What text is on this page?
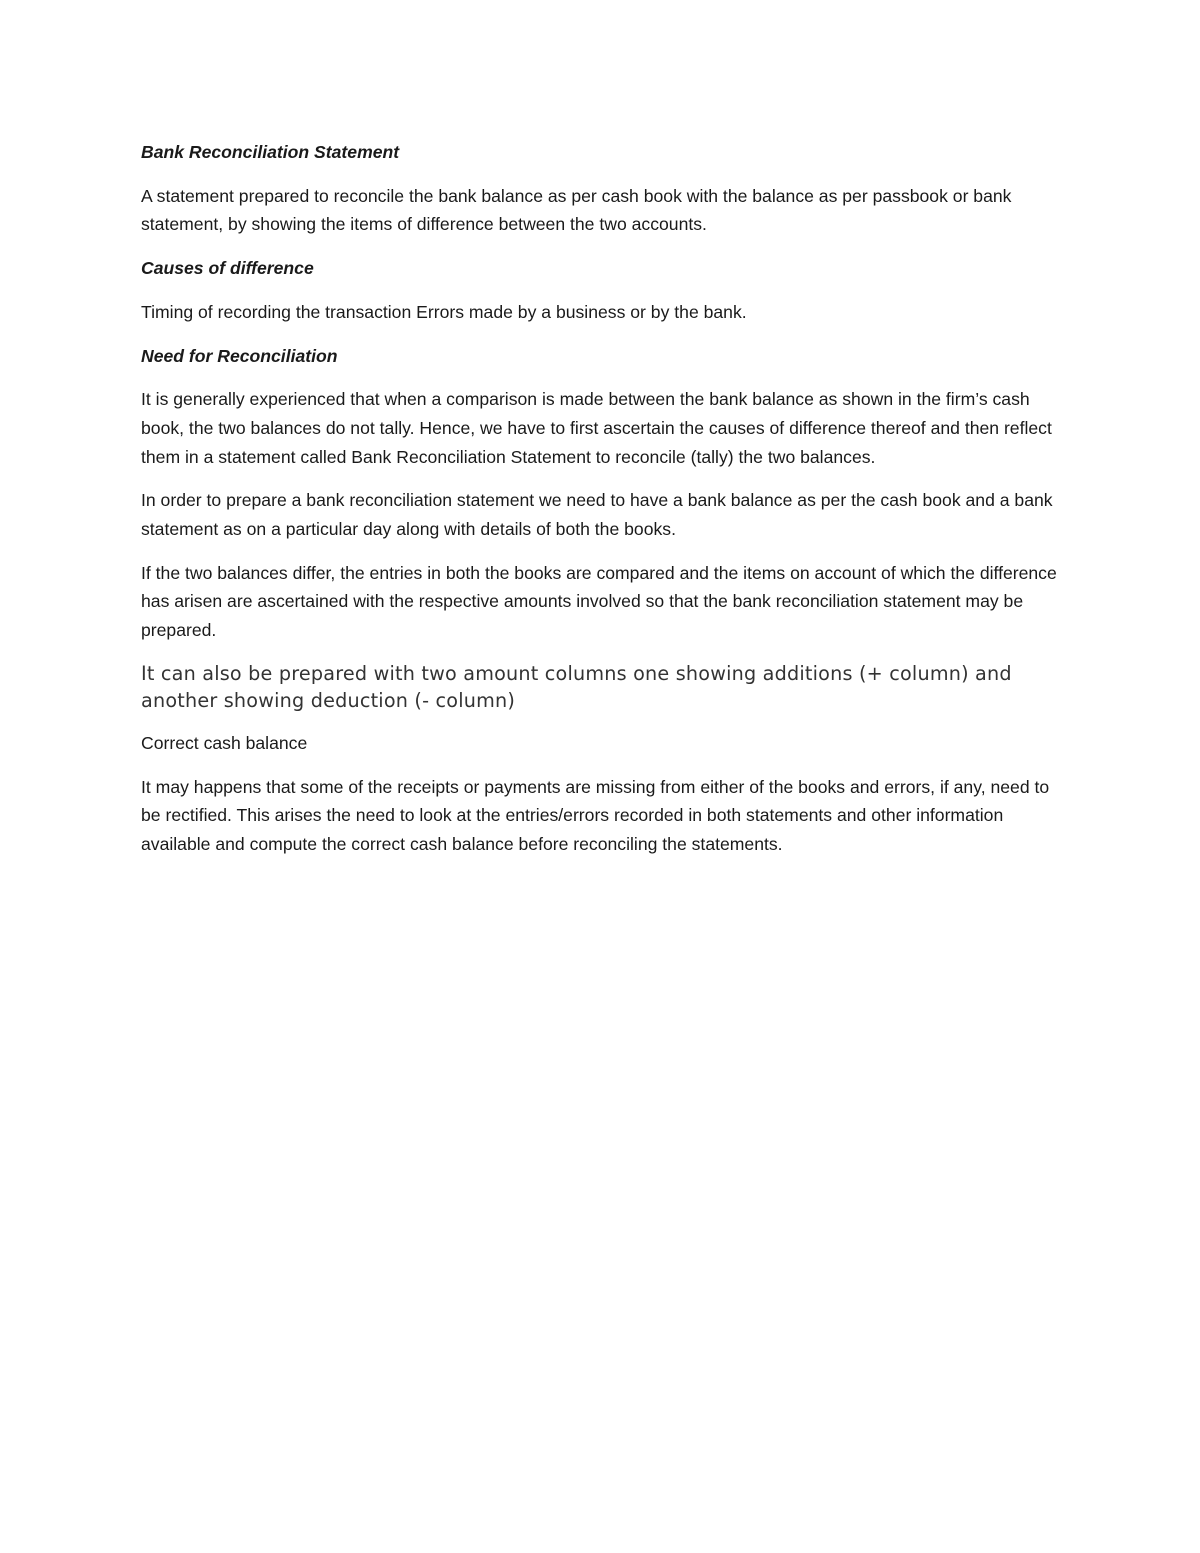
Bank Reconciliation Statement

A statement prepared to reconcile the bank balance as per cash book with the balance as per passbook or bank statement, by showing the items of difference between the two accounts.

Causes of difference

Timing of recording the transaction Errors made by a business or by the bank.

Need for Reconciliation

It is generally experienced that when a comparison is made between the bank balance as shown in the firm’s cash book, the two balances do not tally. Hence, we have to first ascertain the causes of difference thereof and then reflect them in a statement called Bank Reconciliation Statement to reconcile (tally) the two balances.

In order to prepare a bank reconciliation statement we need to have a bank balance as per the cash book and a bank statement as on a particular day along with details of both the books.

If the two balances differ, the entries in both the books are compared and the items on account of which the difference has arisen are ascertained with the respective amounts involved so that the bank reconciliation statement may be prepared.

It can also be prepared with two amount columns one showing additions (+ column) and another showing deduction (- column)

Correct cash balance

It may happens that some of the receipts or payments are missing from either of the books and errors, if any, need to be rectified. This arises the need to look at the entries/errors recorded in both statements and other information available and compute the correct cash balance before reconciling the statements.
